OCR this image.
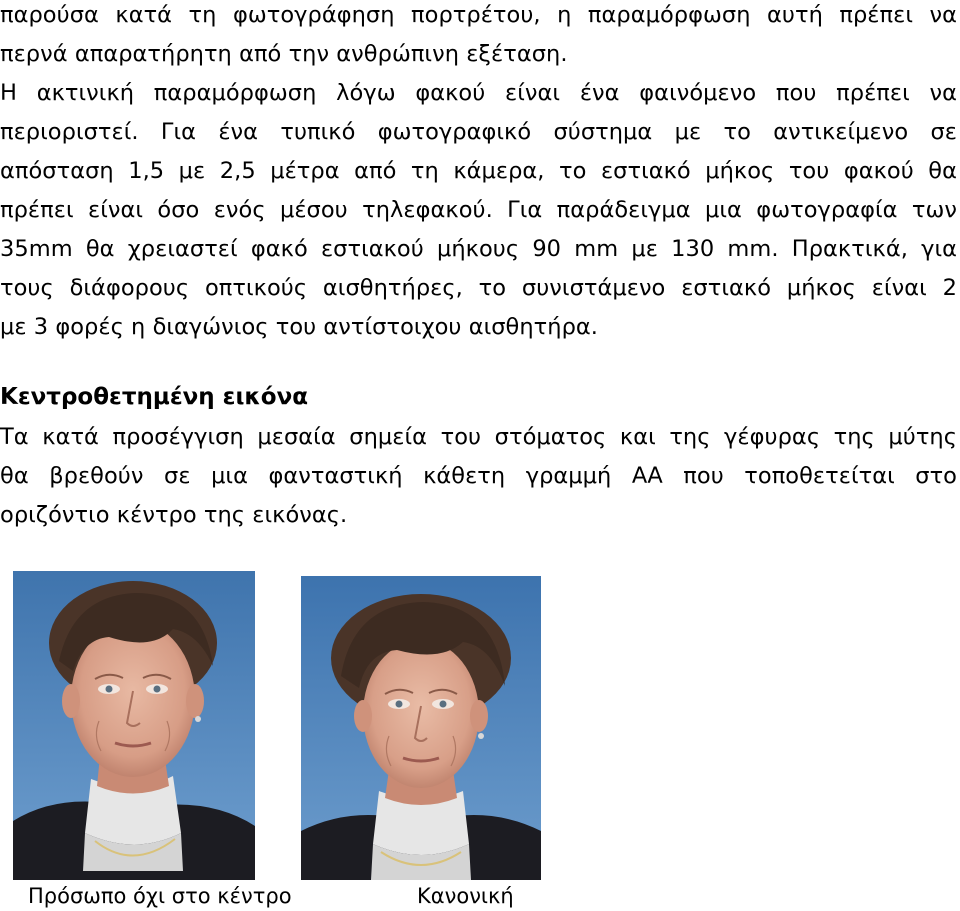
παρούσα κατά τη φωτογράφηση πορτρέτου, η παραμόρφωση αυτή πρέπει να
περνά απαρατήρητη από την ανθρώπινη εξέταση.
Η ακτινική παραμόρφωση λόγω φακού είναι ένα φαινόμενο που πρέπει να
περιοριστεί. Για ένα τυπικό φωτογραφικό σύστημα με το αντικείμενο σε
απόσταση 1,5 με 2,5 μέτρα από τη κάμερα, το εστιακό μήκος του φακού θα
πρέπει είναι όσο ενός μέσου τηλεφακού. Για παράδειγμα μια φωτογραφία των
35mm θα χρειαστεί φακό εστιακού μήκους 90 mm με 130 mm. Πρακτικά, για
τους διάφορους οπτικούς αισθητήρες, το συνιστάμενο εστιακό μήκος είναι 2
με 3 φορές η διαγώνιος του αντίστοιχου αισθητήρα.
Κεντροθετημένη εικόνα
Τα κατά προσέγγιση μεσαία σημεία του στόματος και της γέφυρας της μύτης
θα βρεθούν σε μια φανταστική κάθετη γραμμή ΑΑ που τοποθετείται στο
οριζόντιο κέντρο της εικόνας.
Πρόσωπο όχι στο κέντρο	Κανονική
